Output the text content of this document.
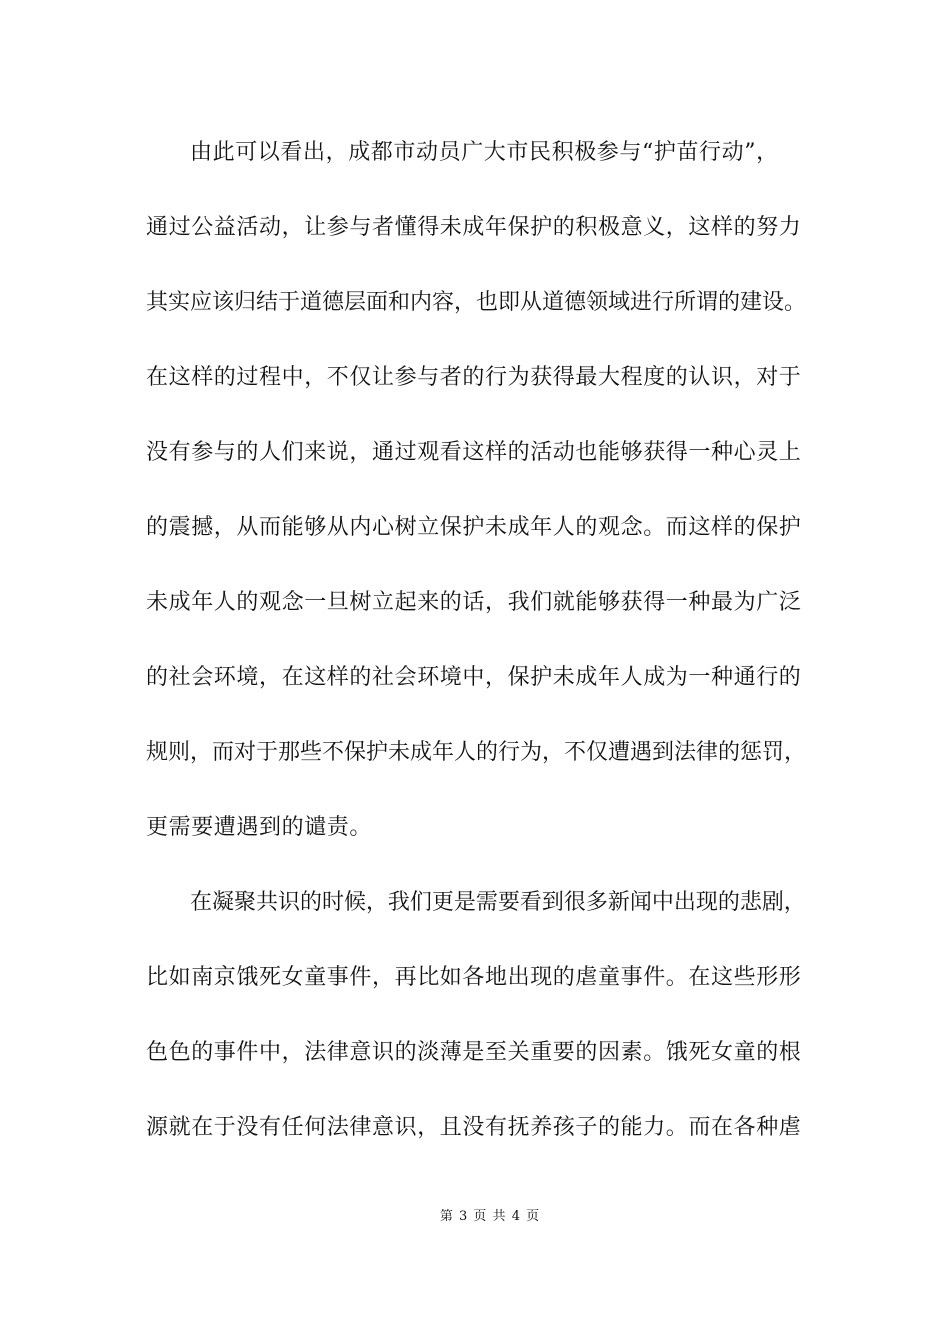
由此可以看出，成都市动员广大市民积极参与“护苗行动”，
通过公益活动，让参与者懂得未成年保护的积极意义，这样的努力
其实应该归结于道德层面和内容，也即从道德领域进行所谓的建设。
在这样的过程中，不仅让参与者的行为获得最大程度的认识，对于
没有参与的人们来说，通过观看这样的活动也能够获得一种心灵上
的震撼，从而能够从内心树立保护未成年人的观念。而这样的保护
未成年人的观念一旦树立起来的话，我们就能够获得一种最为广泛
的社会环境，在这样的社会环境中，保护未成年人成为一种通行的
规则，而对于那些不保护未成年人的行为，不仅遭遇到法律的惩罚，
更需要遭遇到的谴责。
在凝聚共识的时候，我们更是需要看到很多新闻中出现的悲剧，
比如南京饿死女童事件，再比如各地出现的虐童事件。在这些形形
色色的事件中，法律意识的淡薄是至关重要的因素。饿死女童的根
源就在于没有任何法律意识，且没有抚养孩子的能力。而在各种虐
第 3 页 共 4 页
